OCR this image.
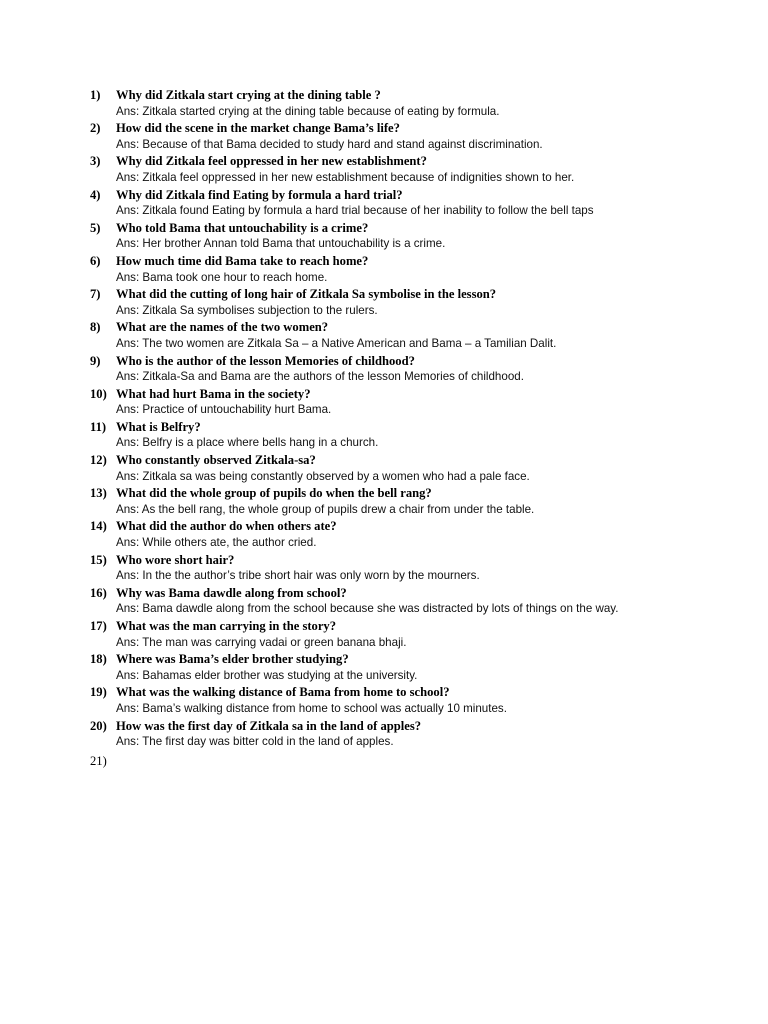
1)	Why did Zitkala start crying at the dining table ?
Ans: Zitkala started crying at the dining table because of eating by formula.
2)	How did the scene in the market change Bama’s life?
Ans: Because of that Bama decided to study hard and stand against discrimination.
3)	Why did Zitkala feel oppressed in her new establishment?
Ans: Zitkala feel oppressed in her new establishment because of indignities shown to her.
4)	Why did Zitkala find Eating by formula a hard trial?
Ans: Zitkala found Eating by formula a hard trial because of her inability to follow the bell taps
5)	Who told Bama that untouchability is a crime?
Ans: Her brother Annan told Bama that untouchability is a crime.
6)	How much time did Bama take to reach home?
Ans: Bama took one hour to reach home.
7)	What did the cutting of long hair of Zitkala Sa symbolise in the lesson?
Ans: Zitkala Sa symbolises subjection to the rulers.
8)	What are the names of the two women?
Ans: The two women are Zitkala Sa – a Native American and Bama – a Tamilian Dalit.
9)	Who is the author of the lesson Memories of childhood?
Ans: Zitkala-Sa and Bama are the authors of the lesson Memories of childhood.
10) What had hurt Bama in the society?
Ans: Practice of untouchability hurt Bama.
11) What is Belfry?
Ans: Belfry is a place where bells hang in a church.
12) Who constantly observed Zitkala-sa?
Ans: Zitkala sa was being constantly observed by a women who had a pale face.
13) What did the whole group of pupils do when the bell rang?
Ans: As the bell rang, the whole group of pupils drew a chair from under the table.
14) What did the author do when others ate?
Ans: While others ate, the author cried.
15) Who wore short hair?
Ans: In the the author’s tribe short hair was only worn by the mourners.
16) Why was Bama dawdle along from school?
Ans: Bama dawdle along from the school because she was distracted by lots of things on the way.
17) What was the man carrying in the story?
Ans: The man was carrying vadai or green banana bhaji.
18) Where was Bama’s elder brother studying?
Ans: Bahamas elder brother was studying at the university.
19) What was the walking distance of Bama from home to school?
Ans: Bama’s walking distance from home to school was actually 10 minutes.
20) How was the first day of Zitkala sa in the land of apples?
Ans: The first day was bitter cold in the land of apples.
21)
